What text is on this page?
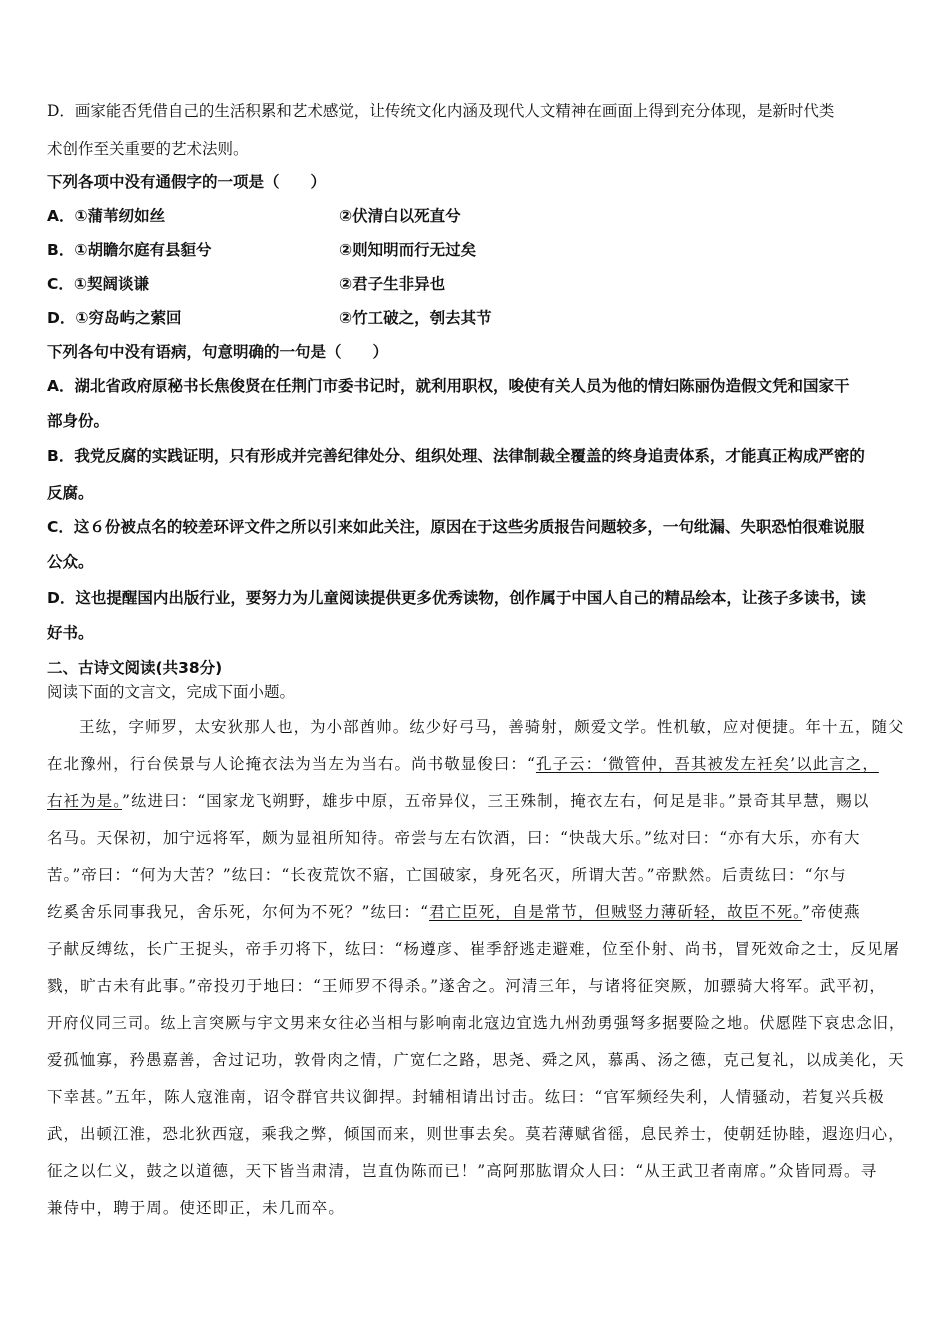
D．画家能否凭借自己的生活积累和艺术感觉，让传统文化内涵及现代人文精神在画面上得到充分体现，是新时代类
术创作至关重要的艺术法则。
下列各项中没有通假字的一项是（　　）
A．①蒲苇纫如丝	②伏清白以死直兮
B．①胡瞻尔庭有县貆兮	②则知明而行无过矣
C．①契阔谈谦	②君子生非异也
D．①穷岛屿之萦回	②竹工破之，刳去其节
下列各句中没有语病，句意明确的一句是（　　）
A．湖北省政府原秘书长焦俊贤在任荆门市委书记时，就利用职权，唆使有关人员为他的情妇陈丽伪造假文凭和国家干
部身份。
B．我党反腐的实践证明，只有形成并完善纪律处分、组织处理、法律制裁全覆盖的终身追责体系，才能真正构成严密的
反腐。
C．这６份被点名的较差环评文件之所以引来如此关注，原因在于这些劣质报告问题较多，一句纰漏、失职恐怕很难说服
公众。
D．这也提醒国内出版行业，要努力为儿童阅读提供更多优秀读物，创作属于中国人自己的精品绘本，让孩子多读书，读
好书。
二、古诗文阅读(共38分)
阅读下面的文言文，完成下面小题。
王纮，字师罗，太安狄那人也，为小部酋帅。纮少好弓马，善骑射，颇爱文学。性机敏，应对便捷。年十五，随父
在北豫州，行台侯景与人论掩衣法为当左为当右。尚书敬显俊曰：“孔子云：‘微管仲，吾其被发左衽矣’以此言之，
右衽为是。”纮进曰：“国家龙飞朔野，雄步中原，五帝异仪，三王殊制，掩衣左右，何足是非。”景奇其早慧，赐以
名马。天保初，加宁远将军，颇为显祖所知待。帝尝与左右饮酒，曰：“快哉大乐。”纮对曰：“亦有大乐，亦有大
苦。”帝曰：“何为大苦？”纮曰：“长夜荒饮不寤，亡国破家，身死名灭，所谓大苦。”帝默然。后责纮曰：“尔与
纥奚舍乐同事我兄，舍乐死，尔何为不死？”纮曰：“君亡臣死，自是常节，但贼竖力薄斫轻，故臣不死。”帝使燕
子献反缚纮，长广王捉头，帝手刃将下，纮曰：“杨遵彦、崔季舒逃走避难，位至仆射、尚书，冒死效命之士，反见屠
戮，旷古未有此事。”帝投刃于地曰：“王师罗不得杀。”遂舍之。河清三年，与诸将征突厥，加骠骑大将军。武平初，
开府仪同三司。纮上言突厥与宇文男来女往必当相与影响南北寇边宜选九州劲勇强弩多据要险之地。伏愿陛下哀忠念旧，
爱孤恤寡，矜愚嘉善，舍过记功，敦骨肉之情，广宽仁之路，思尧、舜之风，慕禹、汤之德，克己复礼，以成美化，天
下幸甚。”五年，陈人寇淮南，诏令群官共议御捍。封辅相请出讨击。纮曰：“官军频经失利，人情骚动，若复兴兵极
武，出顿江淮，恐北狄西寇，乘我之弊，倾国而来，则世事去矣。莫若薄赋省徭，息民养士，使朝廷协睦，遐迩归心，
征之以仁义，鼓之以道德，天下皆当肃清，岂直伪陈而已！”高阿那肱谓众人曰：“从王武卫者南席。”众皆同焉。寻
兼侍中，聘于周。使还即正，未几而卒。
